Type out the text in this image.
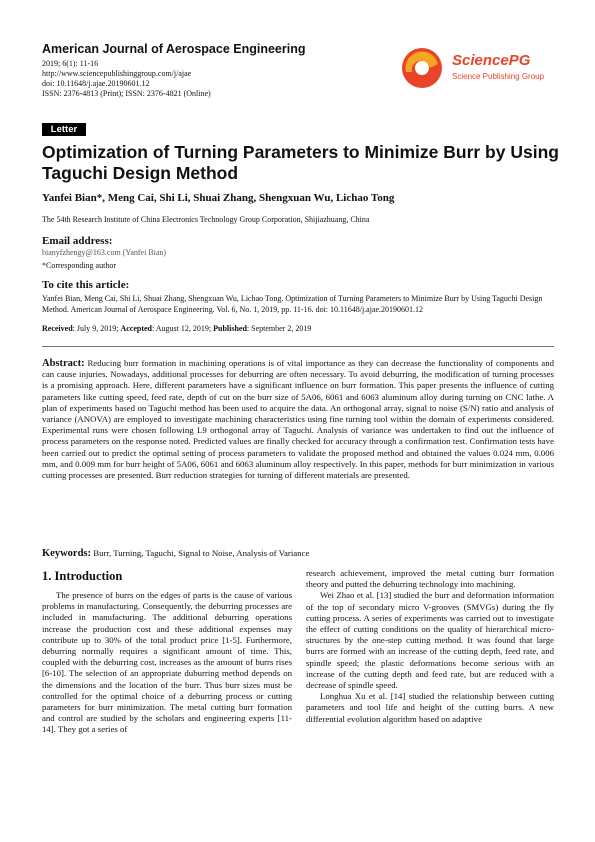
American Journal of Aerospace Engineering
2019; 6(1): 11-16
http://www.sciencepublishinggroup.com/j/ajae
doi: 10.11648/j.ajae.20190601.12
ISSN: 2376-4813 (Print); ISSN: 2376-4821 (Online)
SciencePG
Science Publishing Group
Letter
Optimization of Turning Parameters to Minimize Burr by Using Taguchi Design Method
Yanfei Bian*, Meng Cai, Shi Li, Shuai Zhang, Shengxuan Wu, Lichao Tong
The 54th Research Institute of China Electronics Technology Group Corporation, Shijiazhuang, China
Email address:
bianyfzhengy@163.com (Yanfei Bian)
*Corresponding author
To cite this article:
Yanfei Bian, Meng Cai, Shi Li, Shuai Zhang, Shengxuan Wu, Lichao Tong. Optimization of Turning Parameters to Minimize Burr by Using Taguchi Design Method. American Journal of Aerospace Engineering. Vol. 6, No. 1, 2019, pp. 11-16. doi: 10.11648/j.ajae.20190601.12
Received: July 9, 2019; Accepted: August 12, 2019; Published: September 2, 2019
Abstract: Reducing burr formation in machining operations is of vital importance as they can decrease the functionality of components and can cause injuries. Nowadays, additional processes for deburring are often necessary. To avoid deburring, the modification of turning processes is a promising approach. Here, different parameters have a significant influence on burr formation. This paper presents the influence of cutting parameters like cutting speed, feed rate, depth of cut on the burr size of 5A06, 6061 and 6063 aluminum alloy during turning on CNC lathe. A plan of experiments based on Taguchi method has been used to acquire the data. An orthogonal array, signal to noise (S/N) ratio and analysis of variance (ANOVA) are employed to investigate machining characteristics using fine turning tool within the domain of experiments considered. Experimental runs were chosen following L9 orthogonal array of Taguchi. Analysis of variance was undertaken to find out the influence of process parameters on the response noted. Predicted values are finally checked for accuracy through a confirmation test. Confirmation tests have been carried out to predict the optimal setting of process parameters to validate the proposed method and obtained the values 0.024 mm, 0.006 mm, and 0.009 mm for burr height of 5A06, 6061 and 6063 aluminum alloy respectively. In this paper, methods for burr minimization in various cutting processes are presented. Burr reduction strategies for turning of different materials are presented.
Keywords: Burr, Turning, Taguchi, Signal to Noise, Analysis of Variance
1. Introduction

The presence of burrs on the edges of parts is the cause of various problems in manufacturing. Consequently, the deburring processes are included in manufacturing. The additional deburring operations increase the production cost and these additional expenses may contribute up to 30% of the total product price [1-5]. Furthermore, deburring normally requires a significant amount of time. This, coupled with the deburring cost, increases as the amount of burrs rises [6-10]. The selection of an appropriate duburring method depends on the dimensions and the location of the burr. Thus burr sizes must be controlled for the optimal choice of a deburring process or cutting parameters for burr minimization. The metal cutting burr formation and control are studied by the scholars and engineering experts [11-14]. They got a series of

research achievement, improved the metal cutting burr formation theory and putted the deburring technology into machining.

Wei Zhao et al. [13] studied the burr and deformation information of the top of secondary micro V-grooves (SMVGs) during the fly cutting process. A series of experiments was carried out to investigate the effect of cutting conditions on the quality of hierarchical micro-structures by the one-step cutting method. It was found that large burrs are formed with an increase of the cutting depth, feed rate, and spindle speed; the plastic deformations become serious with an increase of the cutting depth and feed rate, but are reduced with a decrease of spindle speed.

Longhua Xu et al. [14] studied the relationship between cutting parameters and tool life and height of the cutting burrs. A new differential evolution algorithm based on adaptive
